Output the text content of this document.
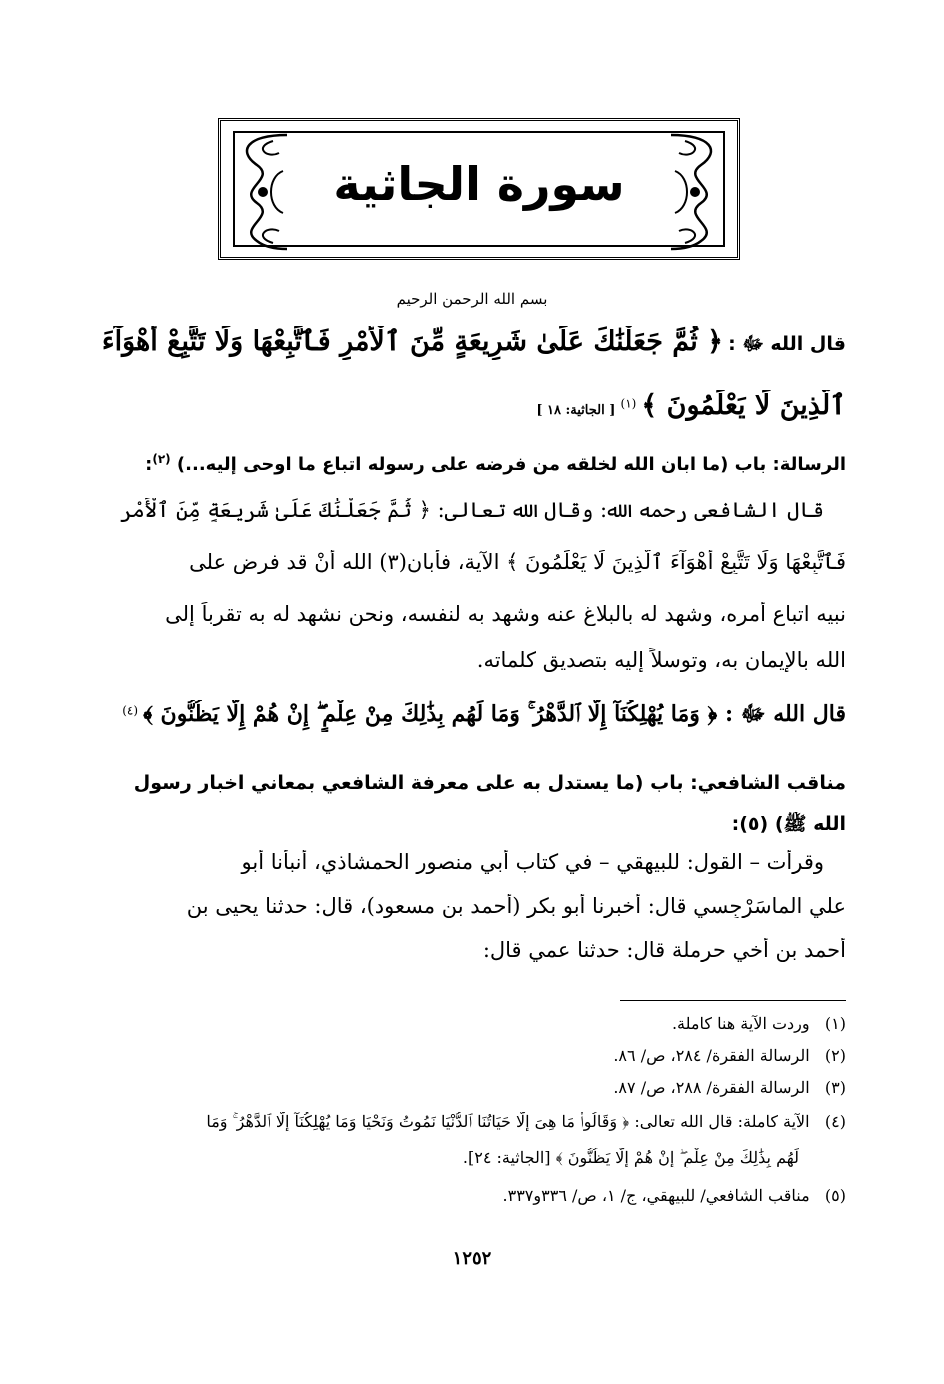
سورة الجاثية
بسم الله الرحمن الرحيم
قال الله ﷻ : ﴿ ثُمَّ جَعَلْنَٰكَ عَلَىٰ شَرِيعَةٍ مِّنَ ٱلْأَمْرِ فَٱتَّبِعْهَا وَلَا تَتَّبِعْ أَهْوَآءَ
ٱلَّذِينَ لَا يَعْلَمُونَ ﴾ $^{(١)}$ [ الجاثية: ١٨ ]
الرسالة: باب (ما ابان الله لخلقه من فرضه على رسوله اتباع ما اوحى إليه...) $^{(٢)}$:
قال الشافعي رحمه الله: وقال الله تعالى: ﴿ ثُمَّ جَعَلْنَٰكَ عَلَىٰ شَرِيعَةٍ مِّنَ ٱلْأَمْرِ
فَٱتَّبِعْهَا وَلَا تَتَّبِعْ أَهْوَآءَ ٱلَّذِينَ لَا يَعْلَمُونَ ﴾ الآية، فأبان(٣) الله أنْ قد فرض على
نبيه اتباع أمره، وشهد له بالبلاغ عنه وشهد به لنفسه، ونحن نشهد له به تقرباً إلى
الله بالإيمان به، وتوسلاً إليه بتصديق كلماته.
قال الله ﷻ : ﴿ وَمَا يُهْلِكُنَآ إِلَّا ٱلدَّهْرُ ۚ وَمَا لَهُم بِذَٰلِكَ مِنْ عِلْمٍ ۖ إِنْ هُمْ إِلَّا يَظُنُّونَ ﴾ $^{(٤)}$
مناقب الشافعي: باب (ما يستدل به على معرفة الشافعي بمعاني اخبار رسول
الله ﷺ) (٥):
وقرأت – القول: للبيهقي – في كتاب أبي منصور الحمشاذي، أنبأنا أبو
علي الماسَرْجِسي قال: أخبرنا أبو بكر (أحمد بن مسعود)، قال: حدثنا يحيى بن
أحمد بن أخي حرملة قال: حدثنا عمي قال:
(١)   وردت الآية هنا كاملة.
(٢)   الرسالة الفقرة/ ٢٨٤، ص/ ٨٦.
(٣)   الرسالة الفقرة/ ٢٨٨، ص/ ٨٧.
(٤)   الآية كاملة: قال الله تعالى: ﴿ وَقَالُوا۟ مَا هِىَ إِلَّا حَيَاتُنَا ٱلدُّنْيَا نَمُوتُ وَنَحْيَا وَمَا يُهْلِكُنَآ إِلَّا ٱلدَّهْرُ ۚ وَمَا
لَهُم بِذَٰلِكَ مِنْ عِلْمٍ ۖ إِنْ هُمْ إِلَّا يَظُنُّونَ ﴾ [الجاثية: ٢٤].
(٥)   مناقب الشافعي/ للبيهقي، ج/ ١، ص/ ٣٣٦و٣٣٧.
١٢٥٢
